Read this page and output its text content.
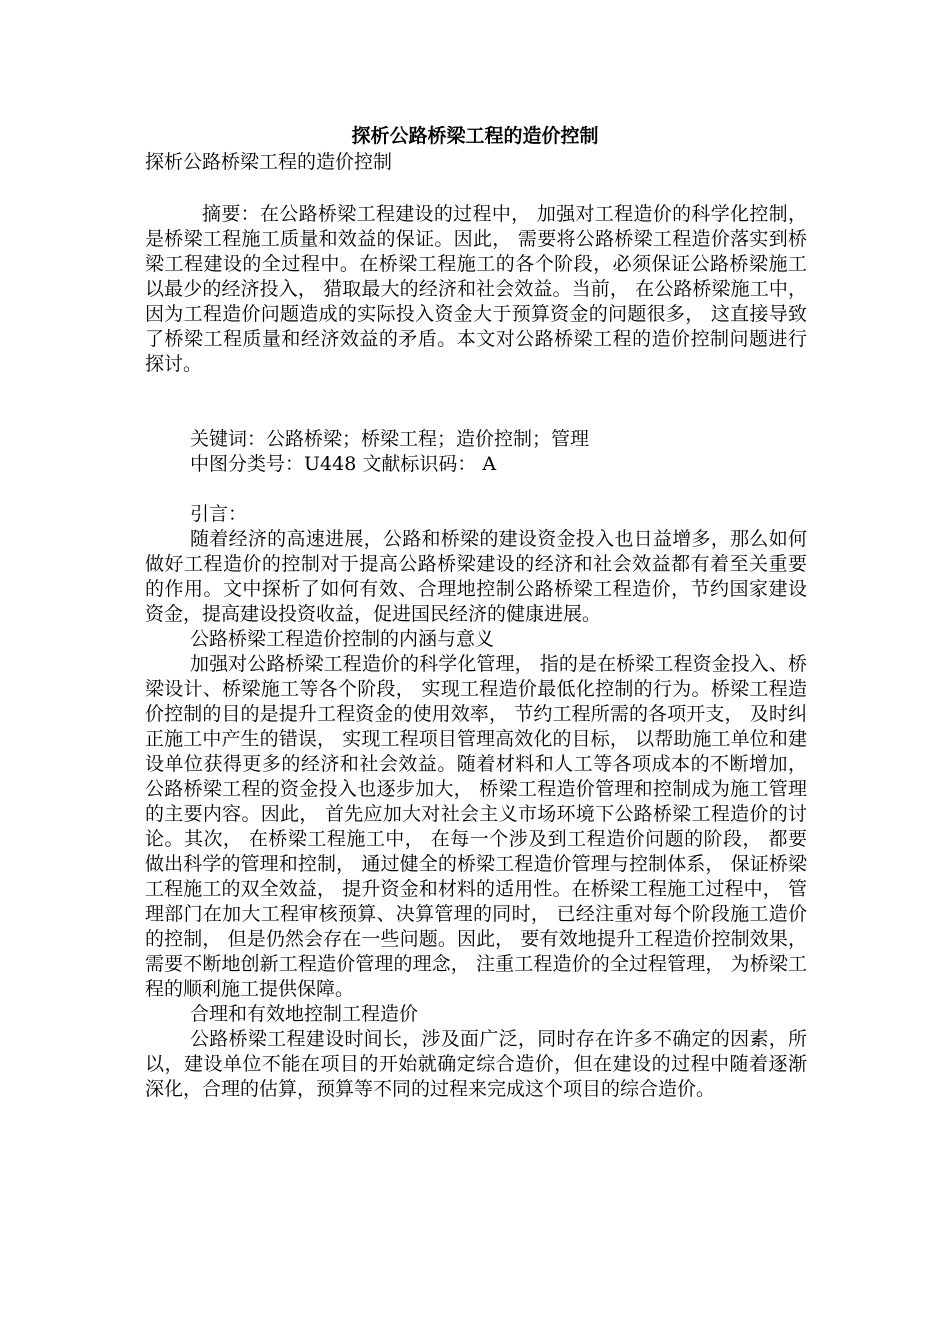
探析公路桥梁工程的造价控制

探析公路桥梁工程的造价控制

摘要：在公路桥梁工程建设的过程中， 加强对工程造价的科学化控制， 是桥梁工程施工质量和效益的保证。因此， 需要将公路桥梁工程造价落实到桥梁工程建设的全过程中。在桥梁工程施工的各个阶段，必须保证公路桥梁施工以最少的经济投入， 猎取最大的经济和社会效益。当前， 在公路桥梁施工中，因为工程造价问题造成的实际投入资金大于预算资金的问题很多， 这直接导致了桥梁工程质量和经济效益的矛盾。本文对公路桥梁工程的造价控制问题进行探讨。

关键词：公路桥梁；桥梁工程；造价控制；管理

中图分类号：U448 文献标识码： A

引言：

随着经济的高速进展，公路和桥梁的建设资金投入也日益增多，那么如何做好工程造价的控制对于提高公路桥梁建设的经济和社会效益都有着至关重要的作用。文中探析了如何有效、合理地控制公路桥梁工程造价，节约国家建设资金，提高建设投资收益，促进国民经济的健康进展。

公路桥梁工程造价控制的内涵与意义

加强对公路桥梁工程造价的科学化管理， 指的是在桥梁工程资金投入、桥梁设计、桥梁施工等各个阶段， 实现工程造价最低化控制的行为。桥梁工程造价控制的目的是提升工程资金的使用效率， 节约工程所需的各项开支， 及时纠正施工中产生的错误， 实现工程项目管理高效化的目标， 以帮助施工单位和建设单位获得更多的经济和社会效益。随着材料和人工等各项成本的不断增加， 公路桥梁工程的资金投入也逐步加大， 桥梁工程造价管理和控制成为施工管理的主要内容。因此， 首先应加大对社会主义市场环境下公路桥梁工程造价的讨论。其次， 在桥梁工程施工中， 在每一个涉及到工程造价问题的阶段， 都要做出科学的管理和控制， 通过健全的桥梁工程造价管理与控制体系， 保证桥梁工程施工的双全效益， 提升资金和材料的适用性。在桥梁工程施工过程中， 管理部门在加大工程审核预算、决算管理的同时， 已经注重对每个阶段施工造价的控制， 但是仍然会存在一些问题。因此， 要有效地提升工程造价控制效果， 需要不断地创新工程造价管理的理念， 注重工程造价的全过程管理， 为桥梁工程的顺利施工提供保障。

合理和有效地控制工程造价

公路桥梁工程建设时间长，涉及面广泛，同时存在许多不确定的因素，所以，建设单位不能在项目的开始就确定综合造价，但在建设的过程中随着逐渐深化，合理的估算，预算等不同的过程来完成这个项目的综合造价。
